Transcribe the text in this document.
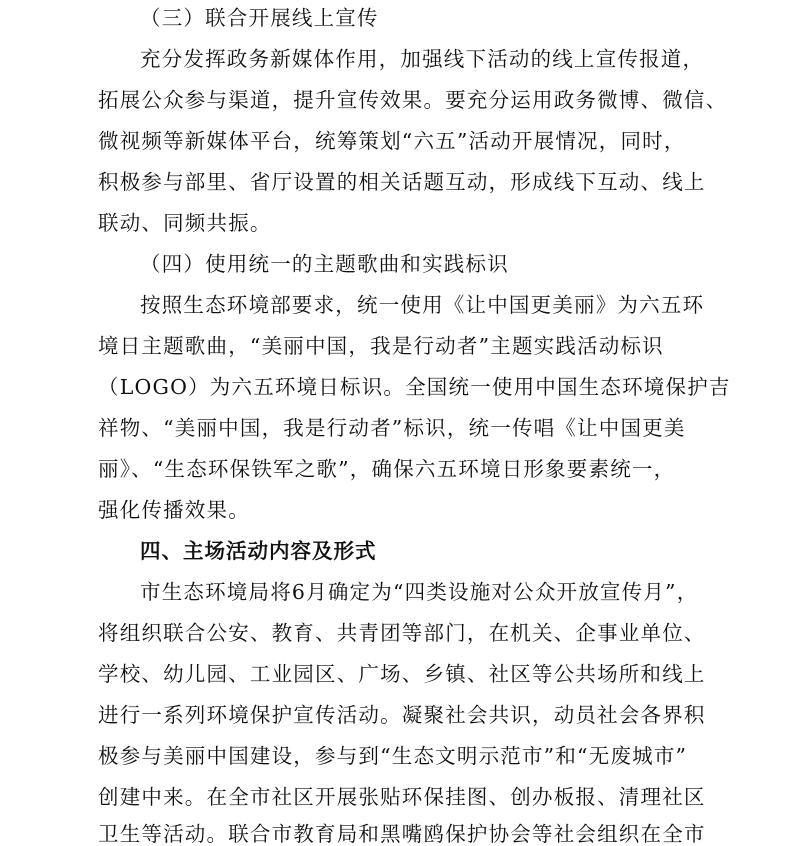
（三）联合开展线上宣传
充分发挥政务新媒体作用，加强线下活动的线上宣传报道，
拓展公众参与渠道，提升宣传效果。要充分运用政务微博、微信、
微视频等新媒体平台，统筹策划“六五”活动开展情况，同时，
积极参与部里、省厅设置的相关话题互动，形成线下互动、线上
联动、同频共振。
（四）使用统一的主题歌曲和实践标识
按照生态环境部要求，统一使用《让中国更美丽》为六五环
境日主题歌曲，“美丽中国，我是行动者”主题实践活动标识
（LOGO）为六五环境日标识。全国统一使用中国生态环境保护吉
祥物、“美丽中国，我是行动者”标识，统一传唱《让中国更美
丽》、“生态环保铁军之歌”，确保六五环境日形象要素统一，
强化传播效果。
四、主场活动内容及形式
市生态环境局将6月确定为“四类设施对公众开放宣传月”，
将组织联合公安、教育、共青团等部门，在机关、企事业单位、
学校、幼儿园、工业园区、广场、乡镇、社区等公共场所和线上
进行一系列环境保护宣传活动。凝聚社会共识，动员社会各界积
极参与美丽中国建设，参与到“生态文明示范市”和“无废城市”
创建中来。在全市社区开展张贴环保挂图、创办板报、清理社区
卫生等活动。联合市教育局和黑嘴鸥保护协会等社会组织在全市
